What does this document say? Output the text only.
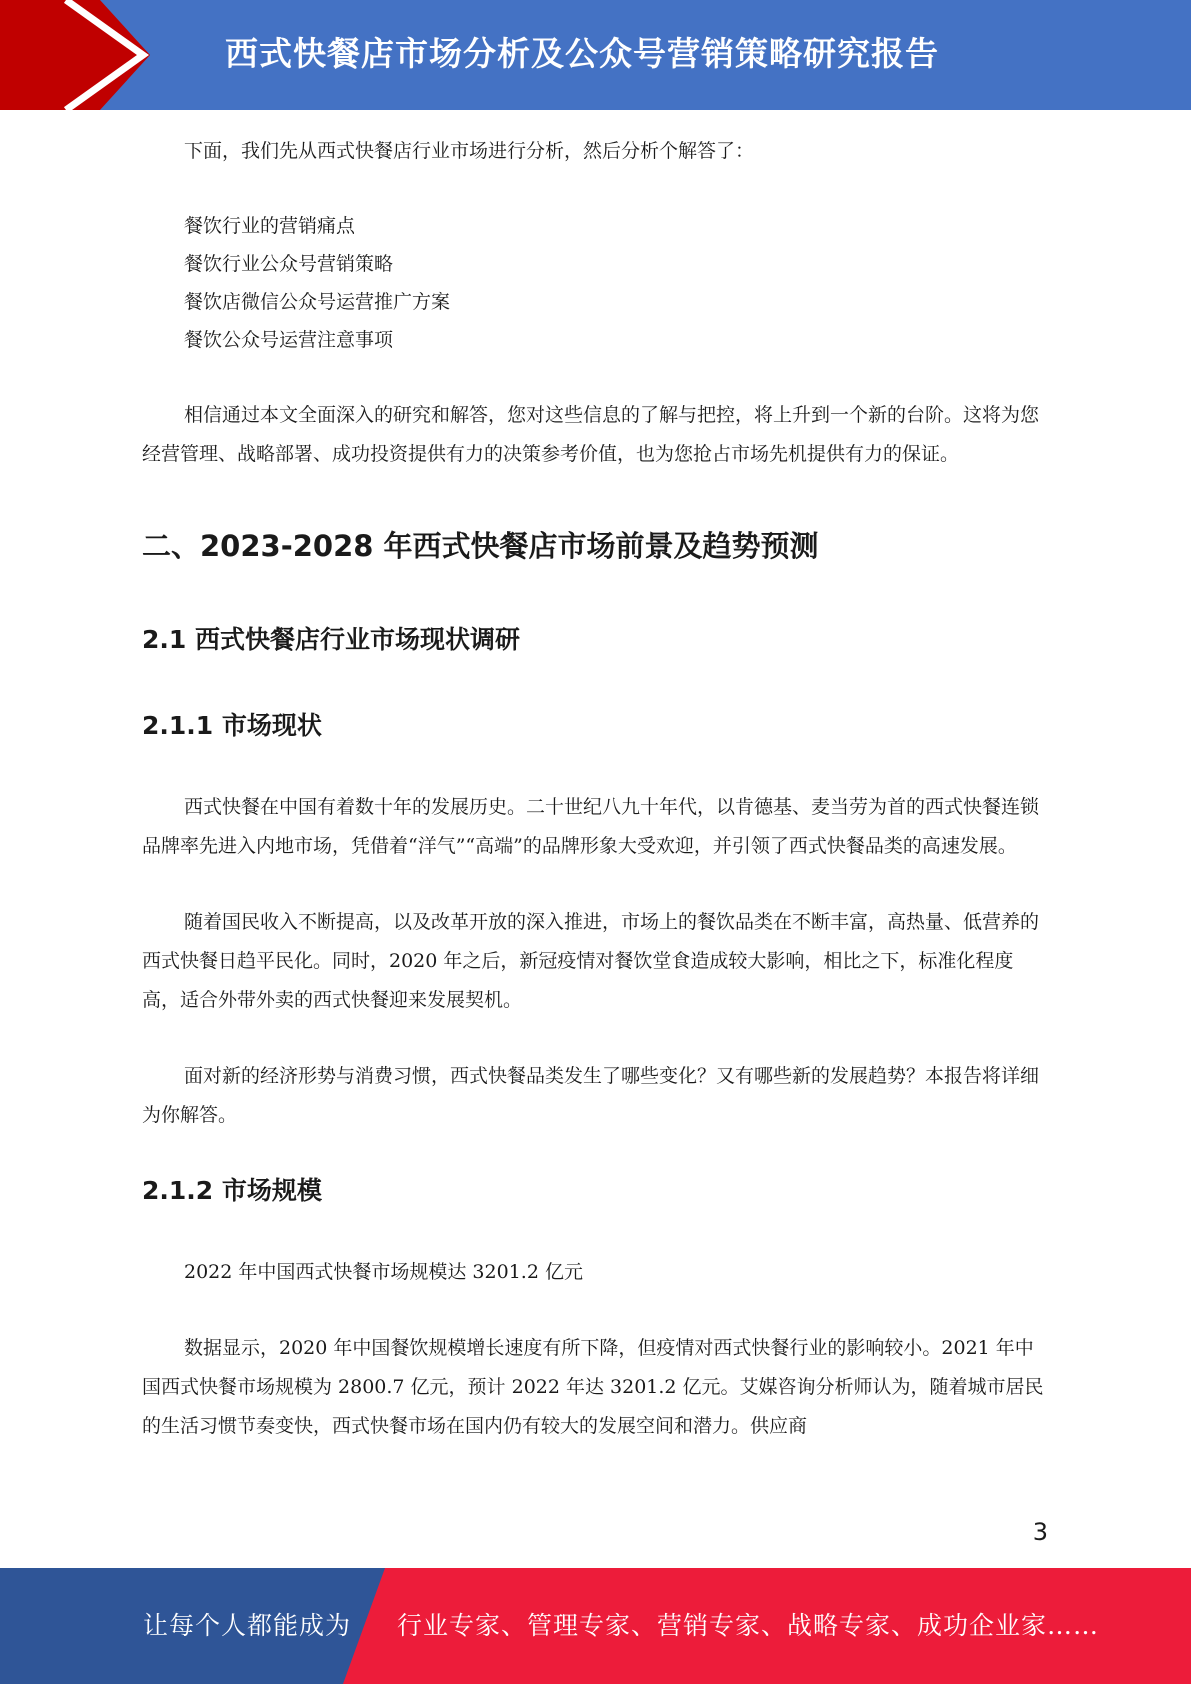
西式快餐店市场分析及公众号营销策略研究报告

下面，我们先从西式快餐店行业市场进行分析，然后分析个解答了：

餐饮行业的营销痛点
餐饮行业公众号营销策略
餐饮店微信公众号运营推广方案
餐饮公众号运营注意事项

相信通过本文全面深入的研究和解答，您对这些信息的了解与把控，将上升到一个新的台阶。这将为您经营管理、战略部署、成功投资提供有力的决策参考价值，也为您抢占市场先机提供有力的保证。

二、2023-2028 年西式快餐店市场前景及趋势预测
2.1 西式快餐店行业市场现状调研
2.1.1 市场现状

西式快餐在中国有着数十年的发展历史。二十世纪八九十年代，以肯德基、麦当劳为首的西式快餐连锁品牌率先进入内地市场，凭借着“洋气”“高端”的品牌形象大受欢迎，并引领了西式快餐品类的高速发展。

随着国民收入不断提高，以及改革开放的深入推进，市场上的餐饮品类在不断丰富，高热量、低营养的西式快餐日趋平民化。同时，2020 年之后，新冠疫情对餐饮堂食造成较大影响，相比之下，标准化程度高，适合外带外卖的西式快餐迎来发展契机。

面对新的经济形势与消费习惯，西式快餐品类发生了哪些变化？又有哪些新的发展趋势？本报告将详细为你解答。

2.1.2 市场规模

2022 年中国西式快餐市场规模达 3201.2 亿元

数据显示，2020 年中国餐饮规模增长速度有所下降，但疫情对西式快餐行业的影响较小。2021 年中国西式快餐市场规模为 2800.7 亿元，预计 2022 年达 3201.2 亿元。艾媒咨询分析师认为，随着城市居民的生活习惯节奏变快，西式快餐市场在国内仍有较大的发展空间和潜力。供应商

3
让每个人都能成为 行业专家、管理专家、营销专家、战略专家、成功企业家……
